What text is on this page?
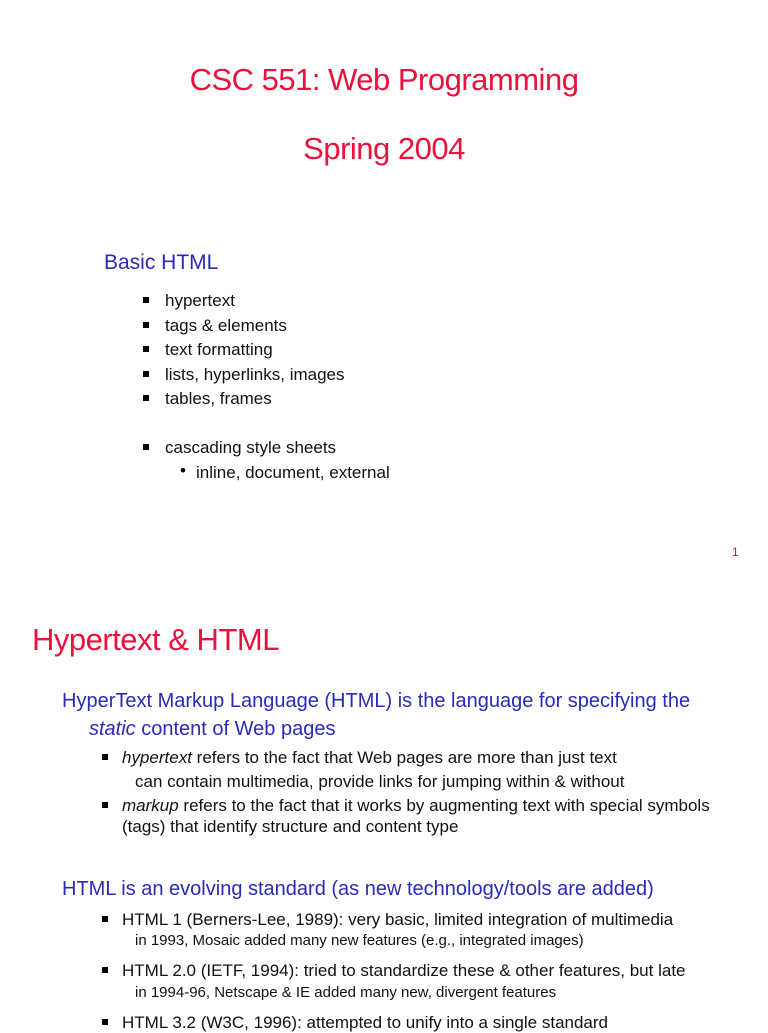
CSC 551: Web Programming
Spring 2004
Basic HTML
hypertext
tags & elements
text formatting
lists, hyperlinks, images
tables, frames
cascading style sheets
• inline, document, external
1
Hypertext & HTML
HyperText Markup Language (HTML) is the language for specifying the
static content of Web pages
hypertext refers to the fact that Web pages are more than just text
can contain multimedia, provide links for jumping within & without
markup refers to the fact that it works by augmenting text with special symbols
(tags) that identify structure and content type
HTML is an evolving standard (as new technology/tools are added)
HTML 1 (Berners-Lee, 1989): very basic, limited integration of multimedia
in 1993, Mosaic added many new features (e.g., integrated images)
HTML 2.0 (IETF, 1994): tried to standardize these & other features, but late
in 1994-96, Netscape & IE added many new, divergent features
HTML 3.2 (W3C, 1996): attempted to unify into a single standard
